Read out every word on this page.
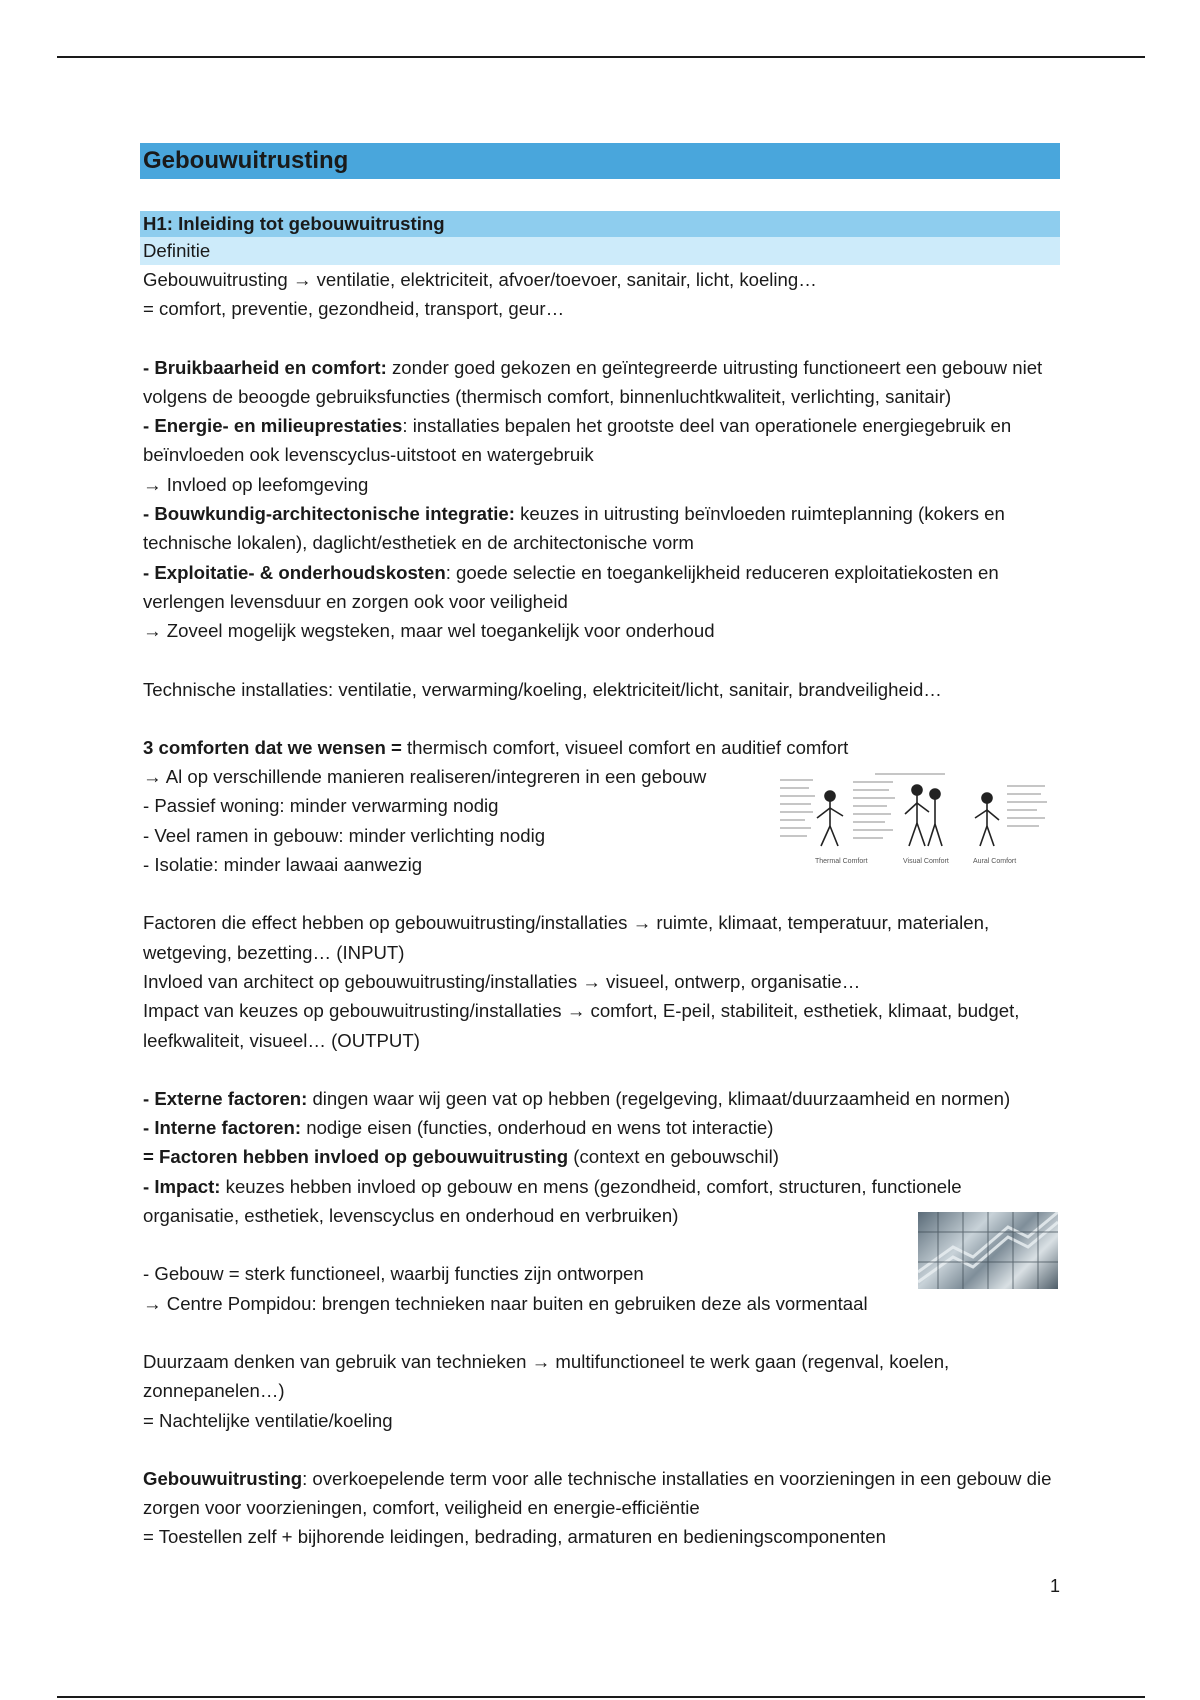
Gebouwuitrusting
H1: Inleiding tot gebouwuitrusting
Definitie
Gebouwuitrusting → ventilatie, elektriciteit, afvoer/toevoer, sanitair, licht, koeling…
= comfort, preventie, gezondheid, transport, geur…
- Bruikbaarheid en comfort: zonder goed gekozen en geïntegreerde uitrusting functioneert een gebouw niet volgens de beoogde gebruiksfuncties (thermisch comfort, binnenluchtkwaliteit, verlichting, sanitair)
- Energie- en milieuprestaties: installaties bepalen het grootste deel van operationele energiegebruik en beïnvloeden ook levenscyclus-uitstoot en watergebruik
→ Invloed op leefomgeving
- Bouwkundig-architectonische integratie: keuzes in uitrusting beïnvloeden ruimteplanning (kokers en technische lokalen), daglicht/esthetiek en de architectonische vorm
- Exploitatie- & onderhoudskosten: goede selectie en toegankelijkheid reduceren exploitatiekosten en verlengen levensduur en zorgen ook voor veiligheid
→ Zoveel mogelijk wegsteken, maar wel toegankelijk voor onderhoud
Technische installaties: ventilatie, verwarming/koeling, elektriciteit/licht, sanitair, brandveiligheid…
3 comforten dat we wensen = thermisch comfort, visueel comfort en auditief comfort
→ Al op verschillende manieren realiseren/integreren in een gebouw
- Passief woning: minder verwarming nodig
- Veel ramen in gebouw: minder verlichting nodig
- Isolatie: minder lawaai aanwezig
Factoren die effect hebben op gebouwuitrusting/installaties → ruimte, klimaat, temperatuur, materialen, wetgeving, bezetting… (INPUT)
Invloed van architect op gebouwuitrusting/installaties → visueel, ontwerp, organisatie…
Impact van keuzes op gebouwuitrusting/installaties → comfort, E-peil, stabiliteit, esthetiek, klimaat, budget, leefkwaliteit, visueel… (OUTPUT)
- Externe factoren: dingen waar wij geen vat op hebben (regelgeving, klimaat/duurzaamheid en normen)
- Interne factoren: nodige eisen (functies, onderhoud en wens tot interactie)
= Factoren hebben invloed op gebouwuitrusting (context en gebouwschil)
- Impact: keuzes hebben invloed op gebouw en mens (gezondheid, comfort, structuren, functionele organisatie, esthetiek, levenscyclus en onderhoud en verbruiken)
- Gebouw = sterk functioneel, waarbij functies zijn ontworpen
→ Centre Pompidou: brengen technieken naar buiten en gebruiken deze als vormentaal
Duurzaam denken van gebruik van technieken → multifunctioneel te werk gaan (regenval, koelen, zonnepanelen…)
= Nachtelijke ventilatie/koeling
Gebouwuitrusting: overkoepelende term voor alle technische installaties en voorzieningen in een gebouw die zorgen voor voorzieningen, comfort, veiligheid en energie-efficiëntie
= Toestellen zelf + bijhorende leidingen, bedrading, armaturen en bedieningscomponenten
Thermal Comfort	Visual Comfort	Aural Comfort
1
